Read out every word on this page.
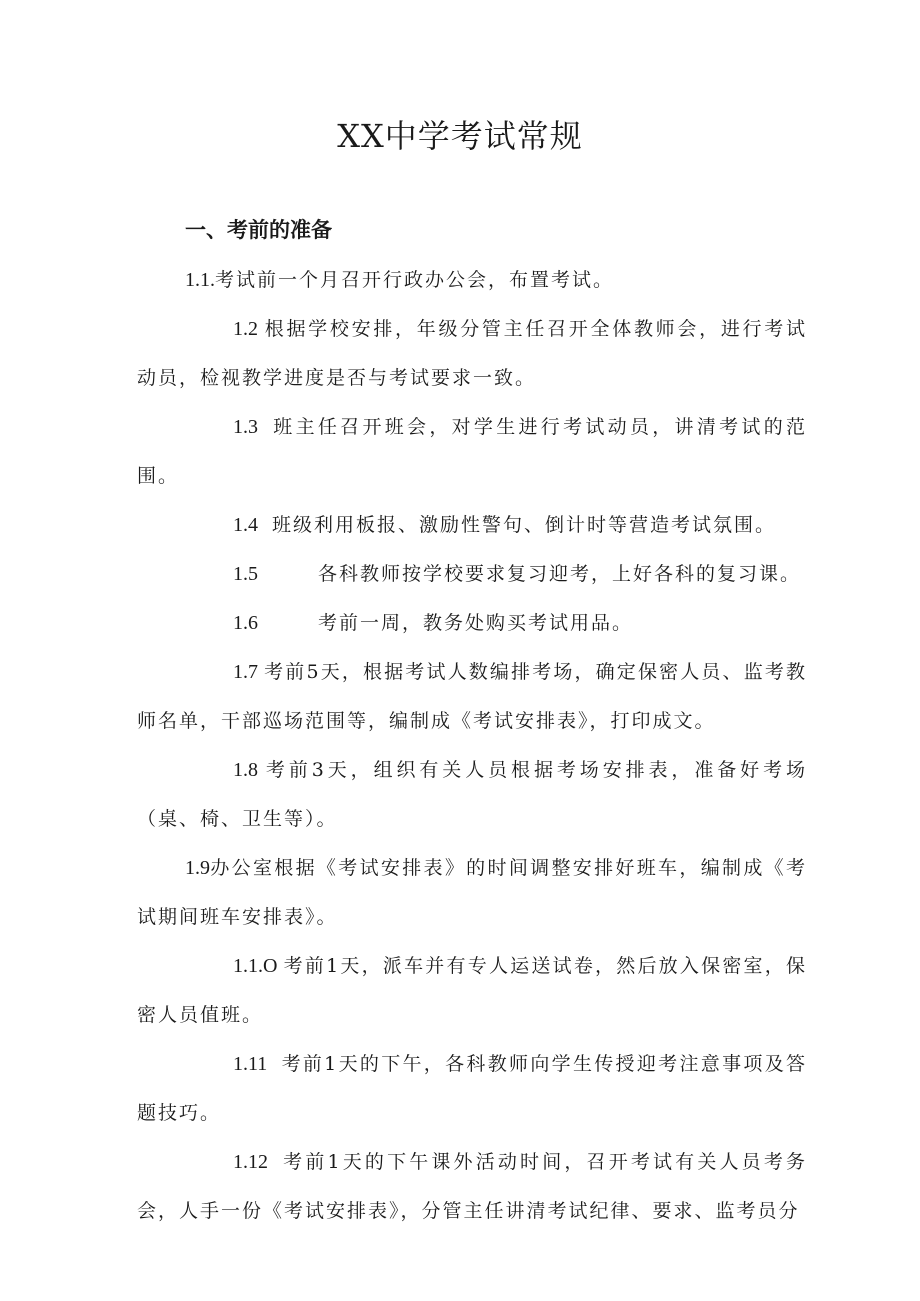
XX中学考试常规
一、考前的准备

1.1.考试前一个月召开行政办公会，布置考试。

1.2 根据学校安排，年级分管主任召开全体教师会，进行考试动员，检视教学进度是否与考试要求一致。

1.3 班主任召开班会，对学生进行考试动员，讲清考试的范围。

1.4 班级利用板报、激励性警句、倒计时等营造考试氛围。

1.5	各科教师按学校要求复习迎考，上好各科的复习课。

1.6	考前一周，教务处购买考试用品。

1.7 考前5天，根据考试人数编排考场，确定保密人员、监考教师名单，干部巡场范围等，编制成《考试安排表》，打印成文。

1.8 考前3天，组织有关人员根据考场安排表，准备好考场（桌、椅、卫生等）。

1.9办公室根据《考试安排表》的时间调整安排好班车，编制成《考试期间班车安排表》。

1.1.O 考前1天，派车并有专人运送试卷，然后放入保密室，保密人员值班。

1.11 考前1天的下午，各科教师向学生传授迎考注意事项及答题技巧。

1.12 考前1天的下午课外活动时间，召开考试有关人员考务会，人手一份《考试安排表》，分管主任讲清考试纪律、要求、监考员分
